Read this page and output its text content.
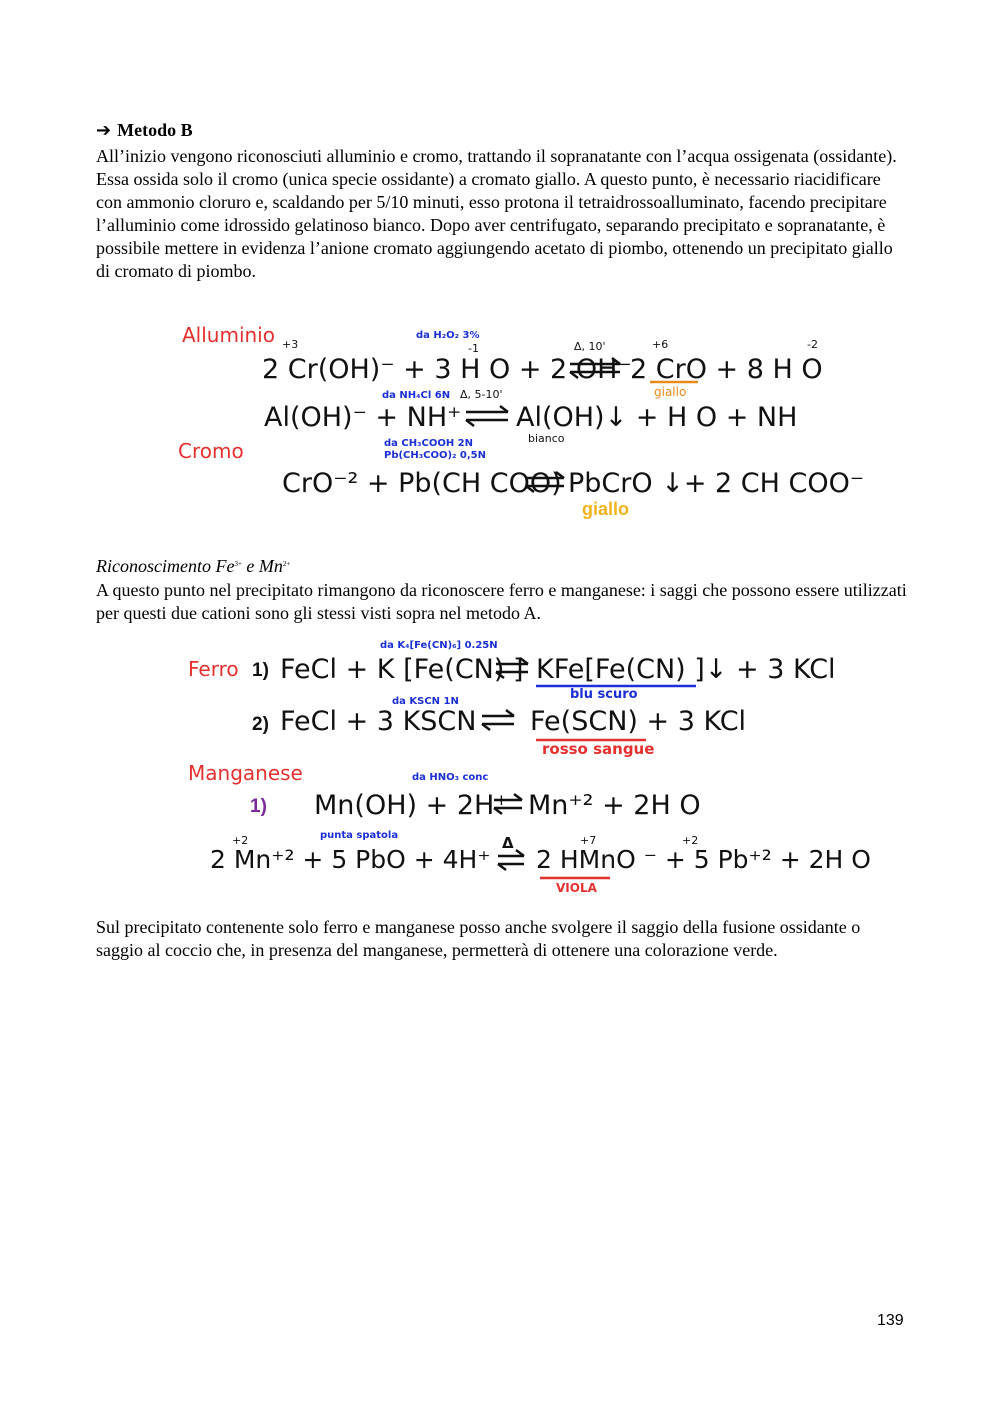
➔ Metodo B
All’inizio vengono riconosciuti alluminio e cromo, trattando il sopranatante con l’acqua ossigenata (ossidante). Essa ossida solo il cromo (unica specie ossidante) a cromato giallo. A questo punto, è necessario riacidificare con ammonio cloruro e, scaldando per 5/10 minuti, esso protona il tetraidrossoalluminato, facendo precipitare l’alluminio come idrossido gelatinoso bianco. Dopo aver centrifugato, separando precipitato e sopranatante, è possibile mettere in evidenza l’anione cromato aggiungendo acetato di piombo, ottenendo un precipitato giallo di cromato di piombo.
Alluminio	da H₂O₂ 3%
Δ, 10'
+3	-1	+6	-2
2 Cr(OH)⁻ + 3 H O + 2 OH⁻
2 CrO + 8 H O
giallo
da NH₄Cl 6N Δ, 5-10'
Al(OH)⁻ + NH⁺ Al(OH)↓ + H O + NH
bianco
Cromo	da CH₃COOH 2N
Pb(CH₃COO)₂ 0,5N
CrO⁻² + Pb(CH COO) PbCrO ↓+ 2 CH COO⁻
giallo
Riconoscimento $Fe^{3+}$ e $Mn^{2+}$
A questo punto nel precipitato rimangono da riconoscere ferro e manganese: i saggi che possono essere utilizzati per questi due cationi sono gli stessi visti sopra nel metodo A.
Ferro 1)
da K₄[Fe(CN)₆] 0.25N
FeCl + K [Fe(CN) ] KFe[Fe(CN) ]↓ + 3 KCl
blu scuro
da KSCN 1N
2) FeCl + 3 KSCN Fe(SCN) + 3 KCl
rosso sangue
Manganese	da HNO₃ conc
1) Mn(OH) + 2H⁺ Mn⁺² + 2H O
+2	punta spatola	+7	+2
Δ
2 Mn⁺² + 5 PbO + 4H⁺ 2 HMnO ⁻ + 5 Pb⁺² + 2H O
VIOLA
Sul precipitato contenente solo ferro e manganese posso anche svolgere il saggio della fusione ossidante o saggio al coccio che, in presenza del manganese, permetterà di ottenere una colorazione verde.
139
